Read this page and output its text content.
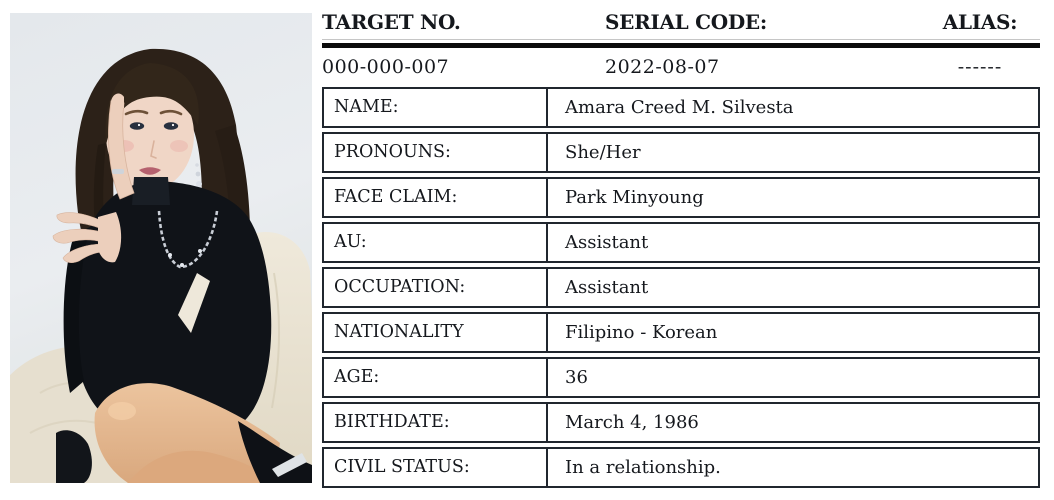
TARGET NO.	SERIAL CODE:	ALIAS:
000-000-007	2022-08-07	------
NAME:	Amara Creed M. Silvesta
PRONOUNS:	She/Her
FACE CLAIM:	Park Minyoung
AU:	Assistant
OCCUPATION:	Assistant
NATIONALITY	Filipino - Korean
AGE:	36
BIRTHDATE:	March 4, 1986
CIVIL STATUS:	In a relationship.
